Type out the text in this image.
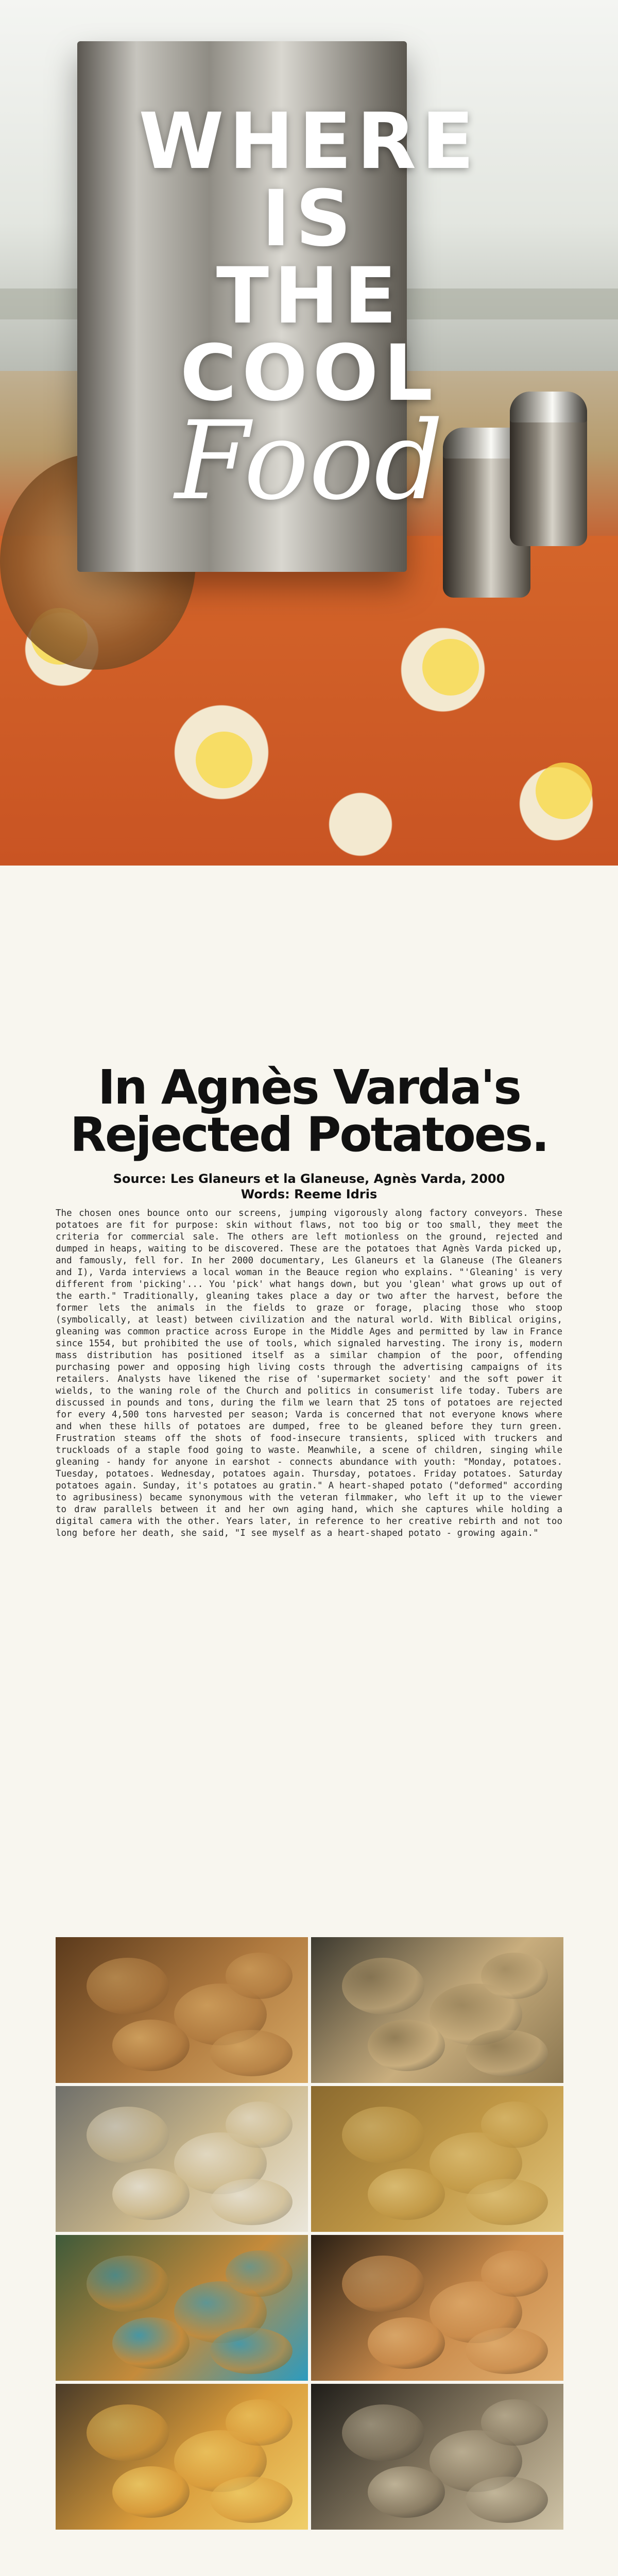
WHERE
IS
THE
COOL
Food
In Agnès Varda's
Rejected Potatoes.
Source: Les Glaneurs et la Glaneuse, Agnès Varda, 2000
Words: Reeme Idris

The chosen ones bounce onto our screens, jumping vigorously along factory conveyors. These potatoes are fit for purpose: skin without flaws, not too big or too small, they meet the criteria for commercial sale. The others are left motionless on the ground, rejected and dumped in heaps, waiting to be discovered. These are the potatoes that Agnès Varda picked up, and famously, fell for. In her 2000 documentary, Les Glaneurs et la Glaneuse (The Gleaners and I), Varda interviews a local woman in the Beauce region who explains. "'Gleaning' is very different from 'picking'... You 'pick' what hangs down, but you 'glean' what grows up out of the earth." Traditionally, gleaning takes place a day or two after the harvest, before the former lets the animals in the fields to graze or forage, placing those who stoop (symbolically, at least) between civilization and the natural world. With Biblical origins, gleaning was common practice across Europe in the Middle Ages and permitted by law in France since 1554, but prohibited the use of tools, which signaled harvesting. The irony is, modern mass distribution has positioned itself as a similar champion of the poor, offending purchasing power and opposing high living costs through the advertising campaigns of its retailers. Analysts have likened the rise of 'supermarket society' and the soft power it wields, to the waning role of the Church and politics in consumerist life today. Tubers are discussed in pounds and tons, during the film we learn that 25 tons of potatoes are rejected for every 4,500 tons harvested per season; Varda is concerned that not everyone knows where and when these hills of potatoes are dumped, free to be gleaned before they turn green. Frustration steams off the shots of food-insecure transients, spliced with truckers and truckloads of a staple food going to waste. Meanwhile, a scene of children, singing while gleaning - handy for anyone in earshot - connects abundance with youth: "Monday, potatoes. Tuesday, potatoes. Wednesday, potatoes again. Thursday, potatoes. Friday potatoes. Saturday potatoes again. Sunday, it's potatoes au gratin." A heart-shaped potato ("deformed" according to agribusiness) became synonymous with the veteran filmmaker, who left it up to the viewer to draw parallels between it and her own aging hand, which she captures while holding a digital camera with the other. Years later, in reference to her creative rebirth and not too long before her death, she said, "I see myself as a heart-shaped potato - growing again."
